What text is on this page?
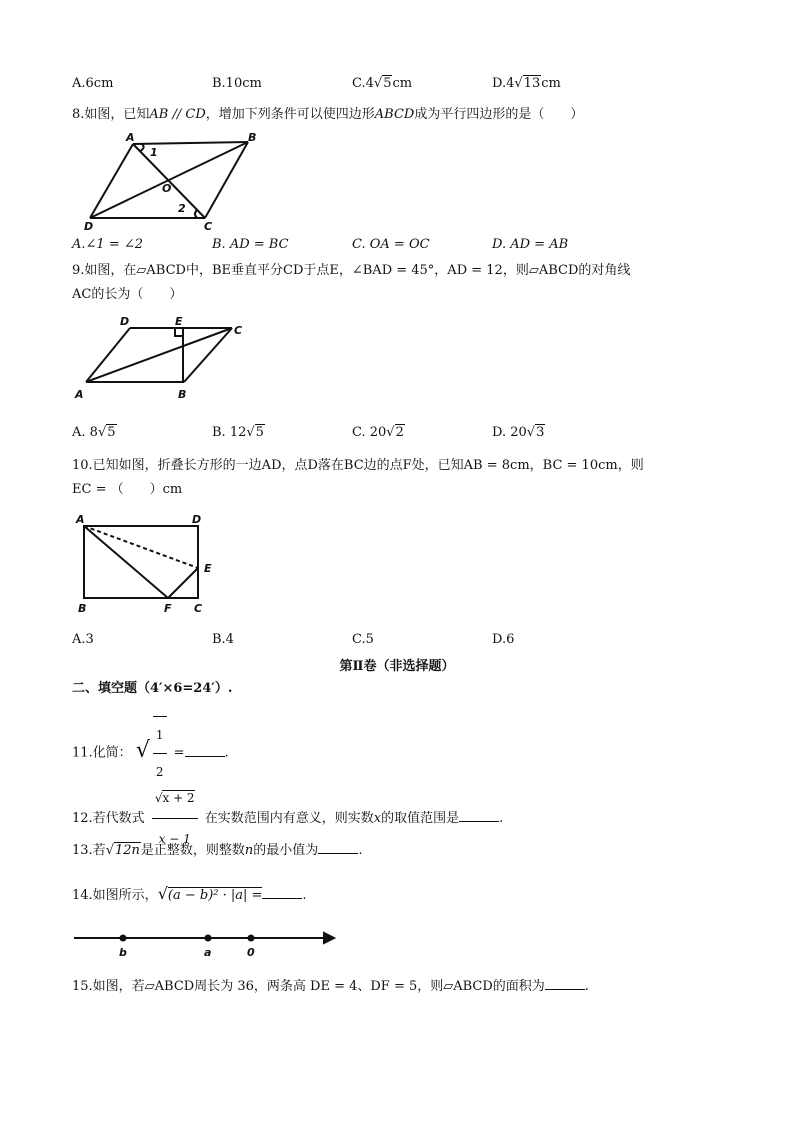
A.6cm	B.10cm	C.4√5cm	D.4√13cm
8.如图，已知AB // CD，增加下列条件可以使四边形ABCD成为平行四边形的是（　　）
A	B
C
D
O
1
2
A.∠1 = ∠2	B. AD = BC	C. OA = OC	D. AD = AB
9.如图，在▱ABCD中，BE垂直平分CD于点E，∠BAD = 45°，AD = 12，则▱ABCD的对角线
AC的长为（　　）
D	E
C
A	B
A. 8√5	B. 12√5	C. 20√2	D. 20√3
10.已知如图，折叠长方形的一边AD，点D落在BC边的点F处，已知AB = 8cm，BC = 10cm，则
EC = （　　）cm
A	D
E
B	F C
A.3	B.4	C.5	D.6
第Ⅱ卷（非选择题）
二、填空题（4′×6=24′）.
11.化简： √ $\frac{1}{2}$ =	.
12.若代数式 $\frac{√x + 2}{x - 1}$ 在实数范围内有意义，则实数x的取值范围是	.
13.若√12n是正整数，则整数n的最小值为	.
14.如图所示，√(a − b)² · |a| =	.
b	a	0
15.如图，若▱ABCD周长为 36，两条高 DE = 4、DF = 5，则▱ABCD的面积为	.
